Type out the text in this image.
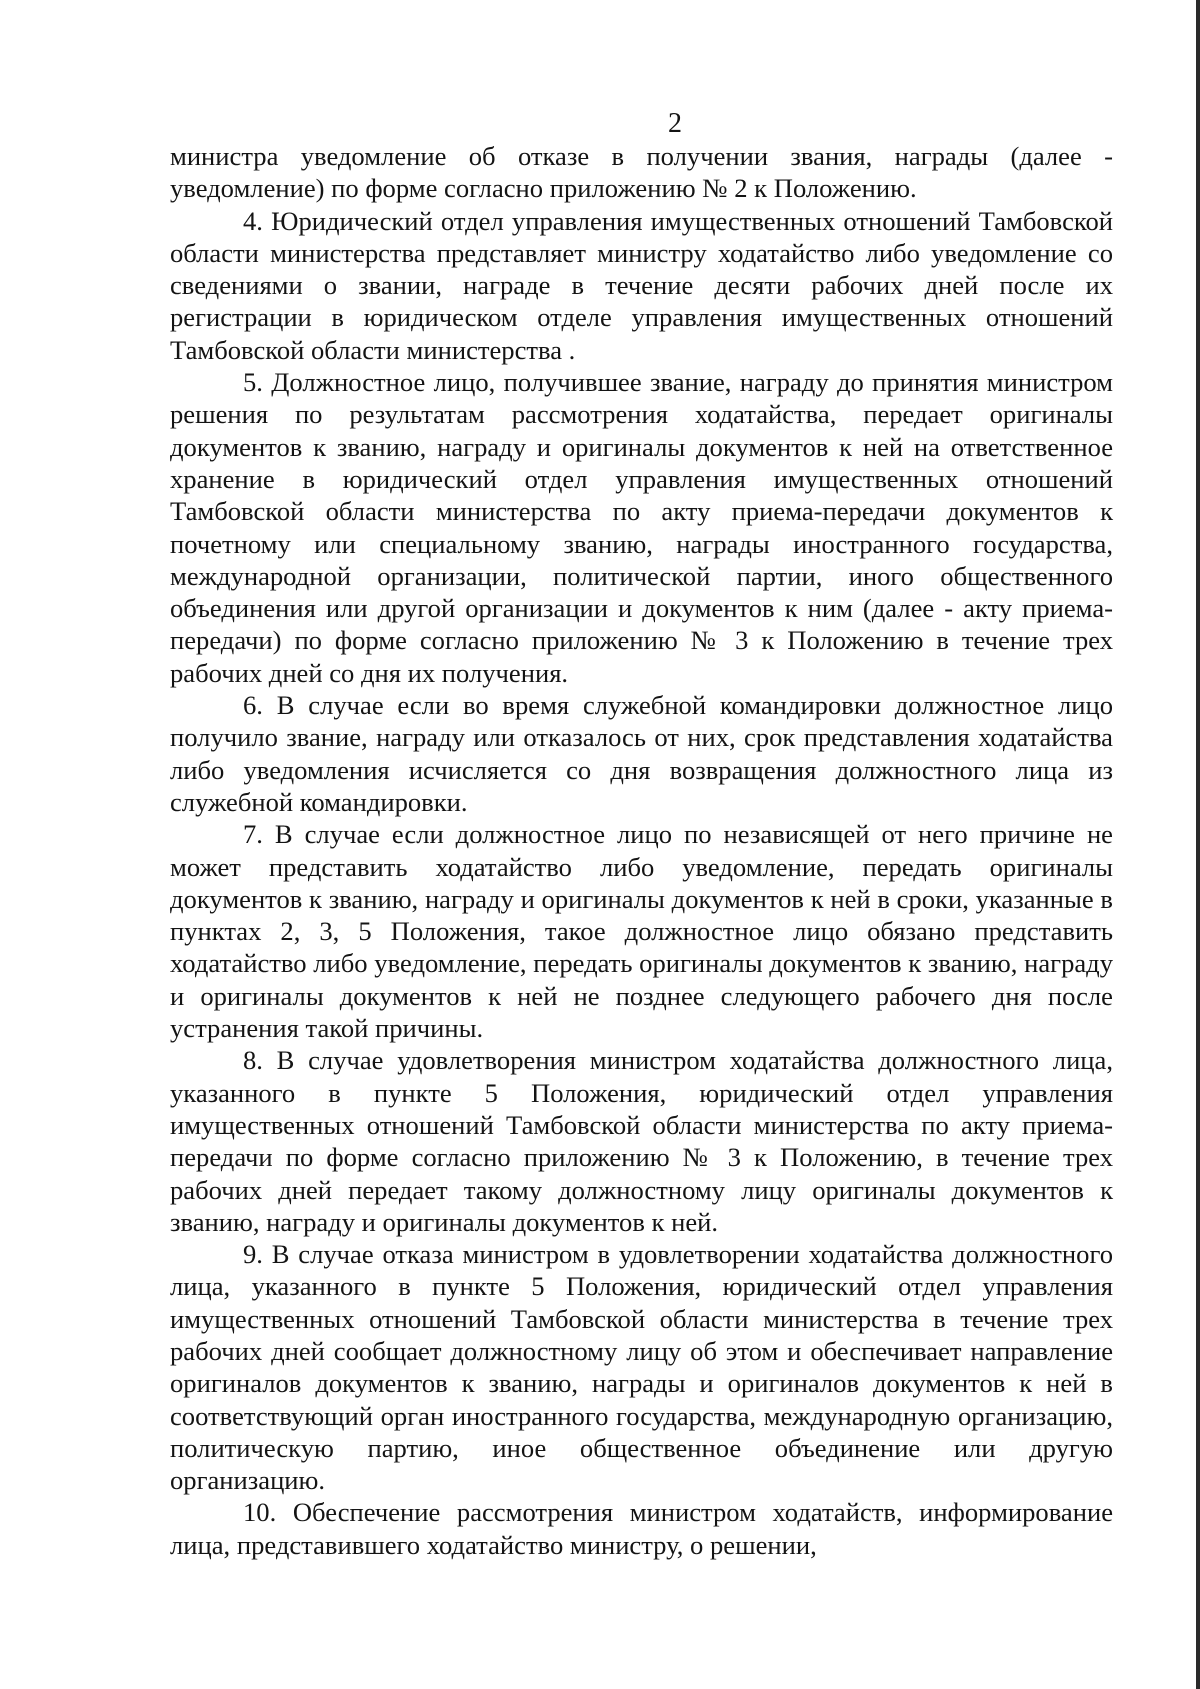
2

министра уведомление об отказе в получении звания, награды (далее - уведомление) по форме согласно приложению № 2 к Положению.

4. Юридический отдел управления имущественных отношений Тамбовской области министерства представляет министру ходатайство либо уведомление со сведениями о звании, награде в течение десяти рабочих дней после их регистрации в юридическом отделе управления имущественных отношений Тамбовской области министерства .

5. Должностное лицо, получившее звание, награду до принятия министром решения по результатам рассмотрения ходатайства, передает оригиналы документов к званию, награду и оригиналы документов к ней на ответственное хранение в юридический отдел управления имущественных отношений Тамбовской области министерства по акту приема-передачи документов к почетному или специальному званию, награды иностранного государства, международной организации, политической партии, иного общественного объединения или другой организации и документов к ним (далее - акту приема-передачи) по форме согласно приложению № 3 к Положению в течение трех рабочих дней со дня их получения.

6. В случае если во время служебной командировки должностное лицо получило звание, награду или отказалось от них, срок представления ходатайства либо уведомления исчисляется со дня возвращения должностного лица из служебной командировки.

7. В случае если должностное лицо по независящей от него причине не может представить ходатайство либо уведомление, передать оригиналы документов к званию, награду и оригиналы документов к ней в сроки, указанные в пунктах 2, 3, 5 Положения, такое должностное лицо обязано представить ходатайство либо уведомление, передать оригиналы документов к званию, награду и оригиналы документов к ней не позднее следующего рабочего дня после устранения такой причины.

8. В случае удовлетворения министром ходатайства должностного лица, указанного в пункте 5 Положения, юридический отдел управления имущественных отношений Тамбовской области министерства по акту приема-передачи по форме согласно приложению № 3 к Положению, в течение трех рабочих дней передает такому должностному лицу оригиналы документов к званию, награду и оригиналы документов к ней.

9. В случае отказа министром в удовлетворении ходатайства должностного лица, указанного в пункте 5 Положения, юридический отдел управления имущественных отношений Тамбовской области министерства в течение трех рабочих дней сообщает должностному лицу об этом и обеспечивает направление оригиналов документов к званию, награды и оригиналов документов к ней в соответствующий орган иностранного государства, международную организацию, политическую партию, иное общественное объединение или другую организацию.

10. Обеспечение рассмотрения министром ходатайств, информирование лица, представившего ходатайство министру, о решении,
